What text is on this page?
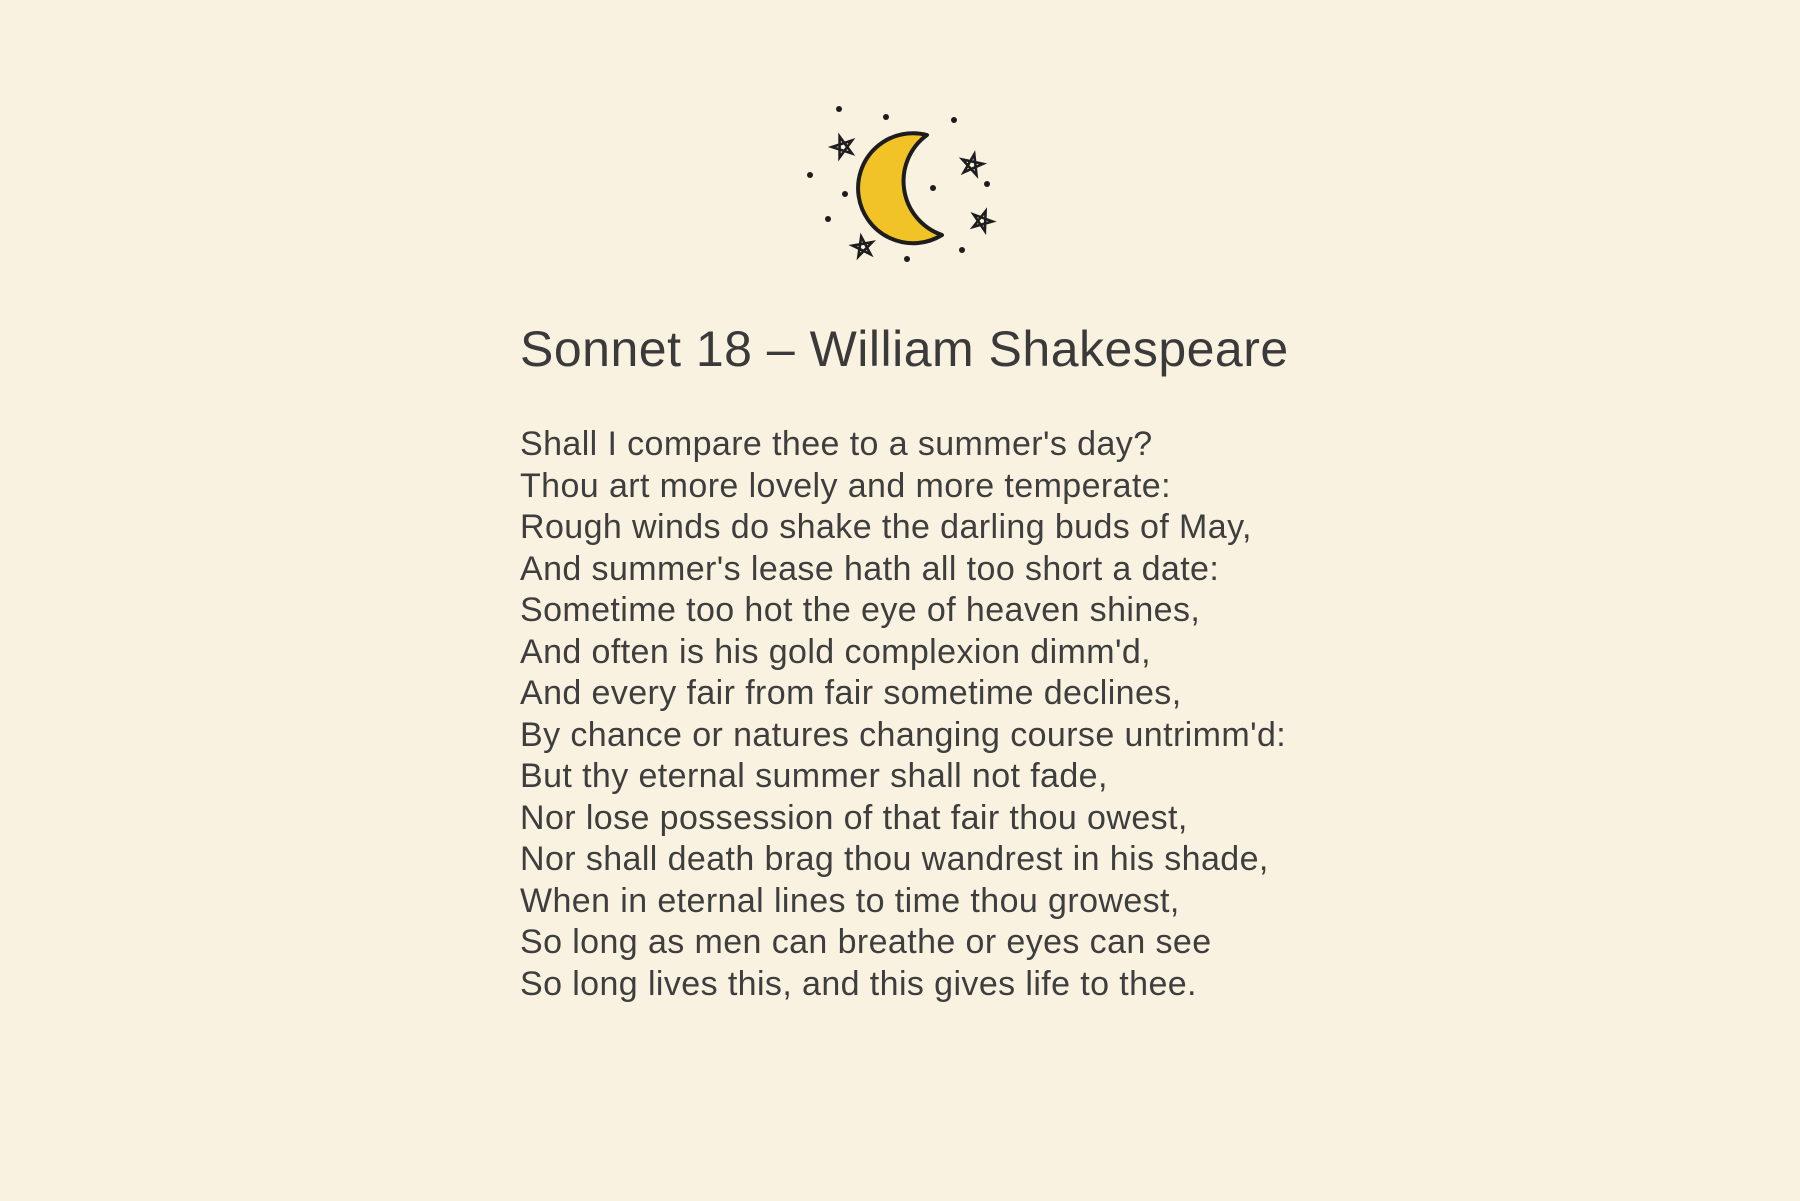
Sonnet 18 – William Shakespeare

Shall I compare thee to a summer's day?

Thou art more lovely and more temperate:

Rough winds do shake the darling buds of May,

And summer's lease hath all too short a date:

Sometime too hot the eye of heaven shines,

And often is his gold complexion dimm'd,

And every fair from fair sometime declines,

By chance or natures changing course untrimm'd:

But thy eternal summer shall not fade,

Nor lose possession of that fair thou owest,

Nor shall death brag thou wandrest in his shade,

When in eternal lines to time thou growest,

So long as men can breathe or eyes can see

So long lives this, and this gives life to thee.
